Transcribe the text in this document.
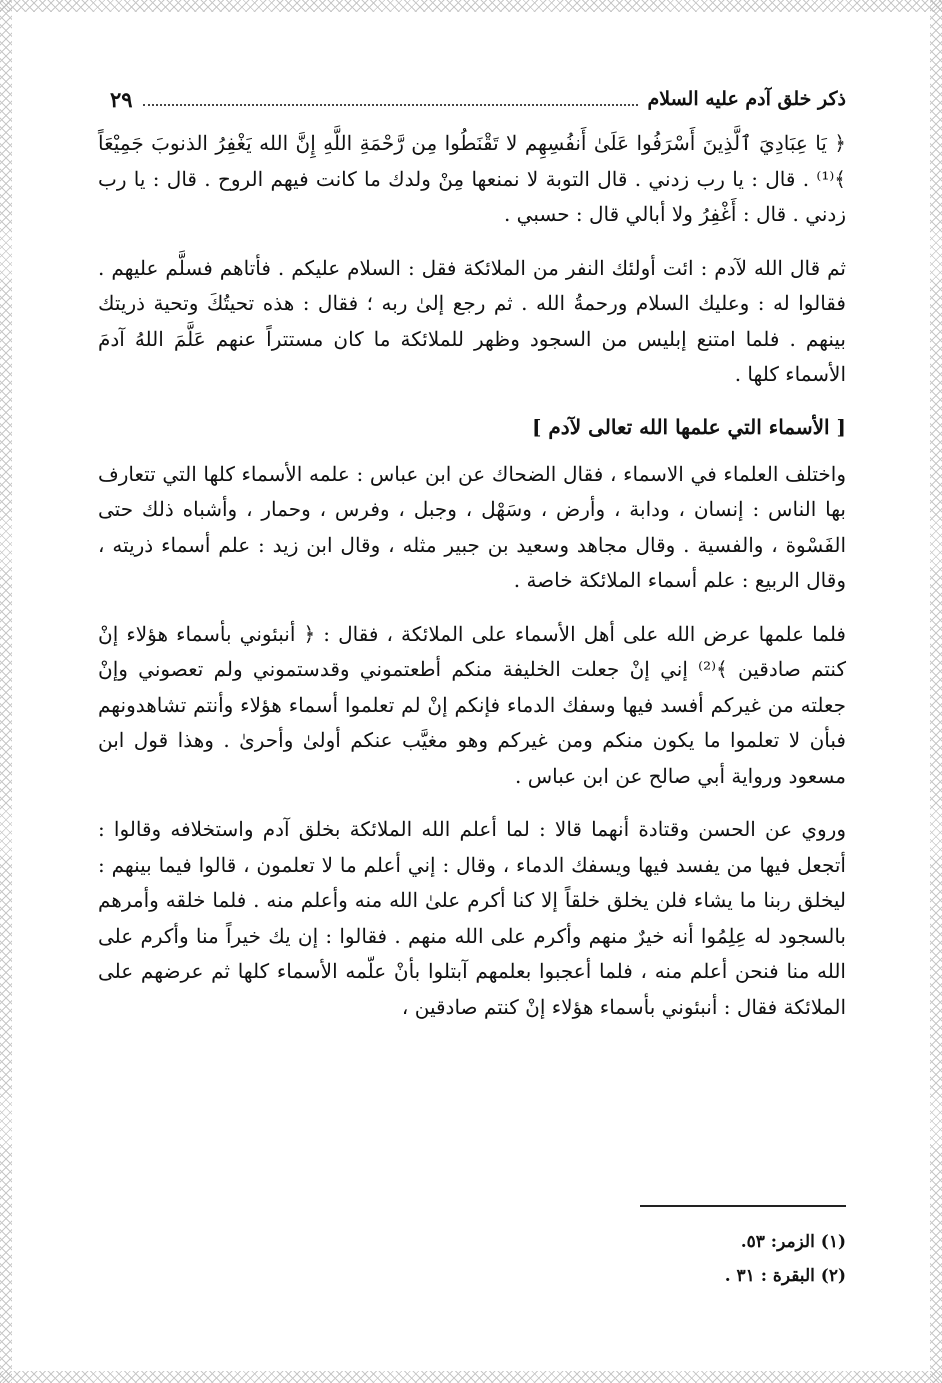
ذكر خلق آدم عليه السلام
٢٩

﴿ يَا عِبَادِيَ ٱلَّذِينَ أَسْرَفُوا عَلَىٰ أَنفُسِهِم لا تَقْنَطُوا مِن رَّحْمَةِ اللَّهِ إِنَّ الله يَغْفِرُ الذنوبَ جَمِيْعَاً ﴾⁽¹⁾ . قال : يا رب زدني . قال التوبة لا نمنعها مِنْ ولدك ما كانت فيهم الروح . قال : يا رب زدني . قال : أَغْفِرُ ولا أبالي قال : حسبي .

ثم قال الله لآدم : ائت أولئك النفر من الملائكة فقل : السلام عليكم . فأتاهم فسلَّم عليهم . فقالوا له : وعليك السلام ورحمةُ الله . ثم رجع إلىٰ ربه ؛ فقال : هذه تحيتُكَ وتحية ذريتك بينهم . فلما امتنع إبليس من السجود وظهر للملائكة ما كان مستتراً عنهم عَلَّمَ اللهُ آدمَ الأسماء كلها .

[ الأسماء التي علمها الله تعالى لآدم ]

واختلف العلماء في الاسماء ، فقال الضحاك عن ابن عباس : علمه الأسماء كلها التي تتعارف بها الناس : إنسان ، ودابة ، وأرض ، وسَهْل ، وجبل ، وفرس ، وحمار ، وأشباه ذلك حتى الفَسْوة ، والفسية . وقال مجاهد وسعيد بن جبير مثله ، وقال ابن زيد : علم أسماء ذريته ، وقال الربيع : علم أسماء الملائكة خاصة .

فلما علمها عرض الله على أهل الأسماء على الملائكة ، فقال : ﴿ أنبئوني بأسماء هؤلاء إنْ كنتم صادقين ﴾⁽²⁾ إني إنْ جعلت الخليفة منكم أطعتموني وقدستموني ولم تعصوني وإنْ جعلته من غيركم أفسد فيها وسفك الدماء فإنكم إنْ لم تعلموا أسماء هؤلاء وأنتم تشاهدونهم فبأن لا تعلموا ما يكون منكم ومن غيركم وهو مغيَّب عنكم أولىٰ وأحرىٰ . وهذا قول ابن مسعود ورواية أبي صالح عن ابن عباس .

وروي عن الحسن وقتادة أنهما قالا : لما أعلم الله الملائكة بخلق آدم واستخلافه وقالوا : أتجعل فيها من يفسد فيها ويسفك الدماء ، وقال : إني أعلم ما لا تعلمون ، قالوا فيما بينهم : ليخلق ربنا ما يشاء فلن يخلق خلقاً إلا كنا أكرم علىٰ الله منه وأعلم منه . فلما خلقه وأمرهم بالسجود له عِلِمُوا أنه خيرٌ منهم وأكرم على الله منهم . فقالوا : إن يك خيراً منا وأكرم على الله منا فنحن أعلم منه ، فلما أعجبوا بعلمهم آبتلوا بأنْ علّمه الأسماء كلها ثم عرضهم على الملائكة فقال : أنبئوني بأسماء هؤلاء إنْ كنتم صادقين ،

(١) الزمر: ٥٣.
(٢) البقرة : ٣١ .
